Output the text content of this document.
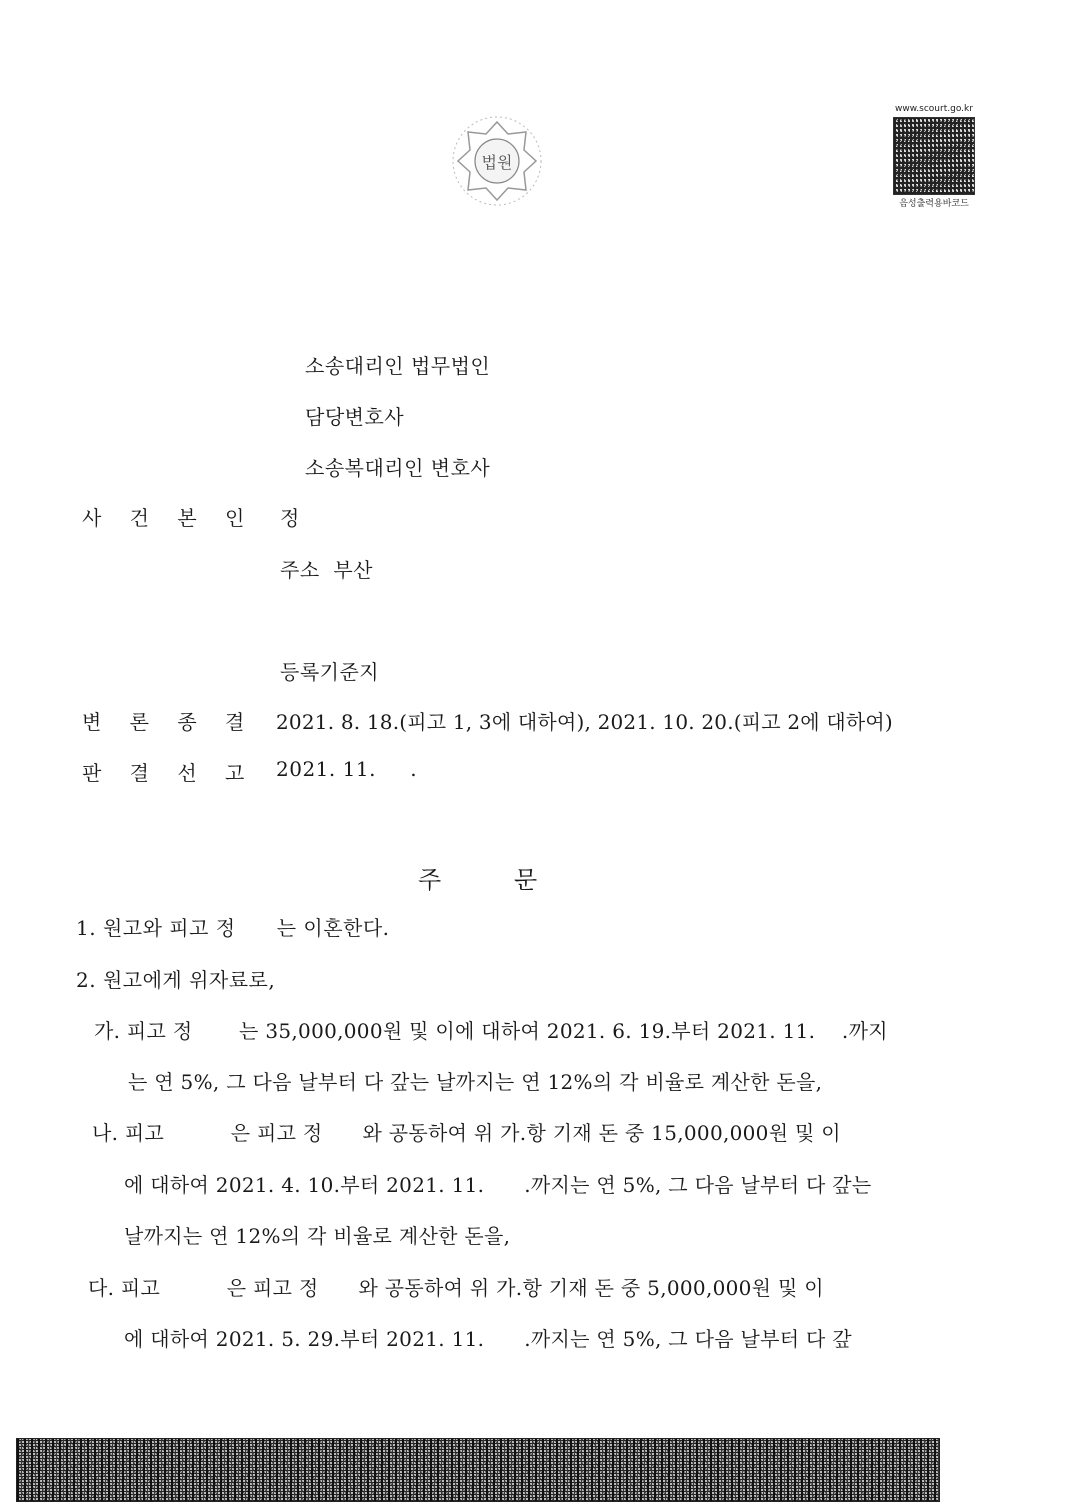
법원
www.scourt.go.kr
음성출력용바코드
소송대리인 법무법인
담당변호사
소송복대리인 변호사
사 건 본 인 정
주소  부산
등록기준지
변 론 종 결 2021. 8. 18.(피고 1, 3에 대하여), 2021. 10. 20.(피고 2에 대하여)
판 결 선 고 2021. 11.     .
주	문
1. 원고와 피고 정      는 이혼한다.
2. 원고에게 위자료로,
가. 피고 정       는 35,000,000원 및 이에 대하여 2021. 6. 19.부터 2021. 11.    .까지
는 연 5%, 그 다음 날부터 다 갚는 날까지는 연 12%의 각 비율로 계산한 돈을,
나. 피고          은 피고 정      와 공동하여 위 가.항 기재 돈 중 15,000,000원 및 이
에 대하여 2021. 4. 10.부터 2021. 11.      .까지는 연 5%, 그 다음 날부터 다 갚는
날까지는 연 12%의 각 비율로 계산한 돈을,
다. 피고          은 피고 정      와 공동하여 위 가.항 기재 돈 중 5,000,000원 및 이
에 대하여 2021. 5. 29.부터 2021. 11.      .까지는 연 5%, 그 다음 날부터 다 갚
